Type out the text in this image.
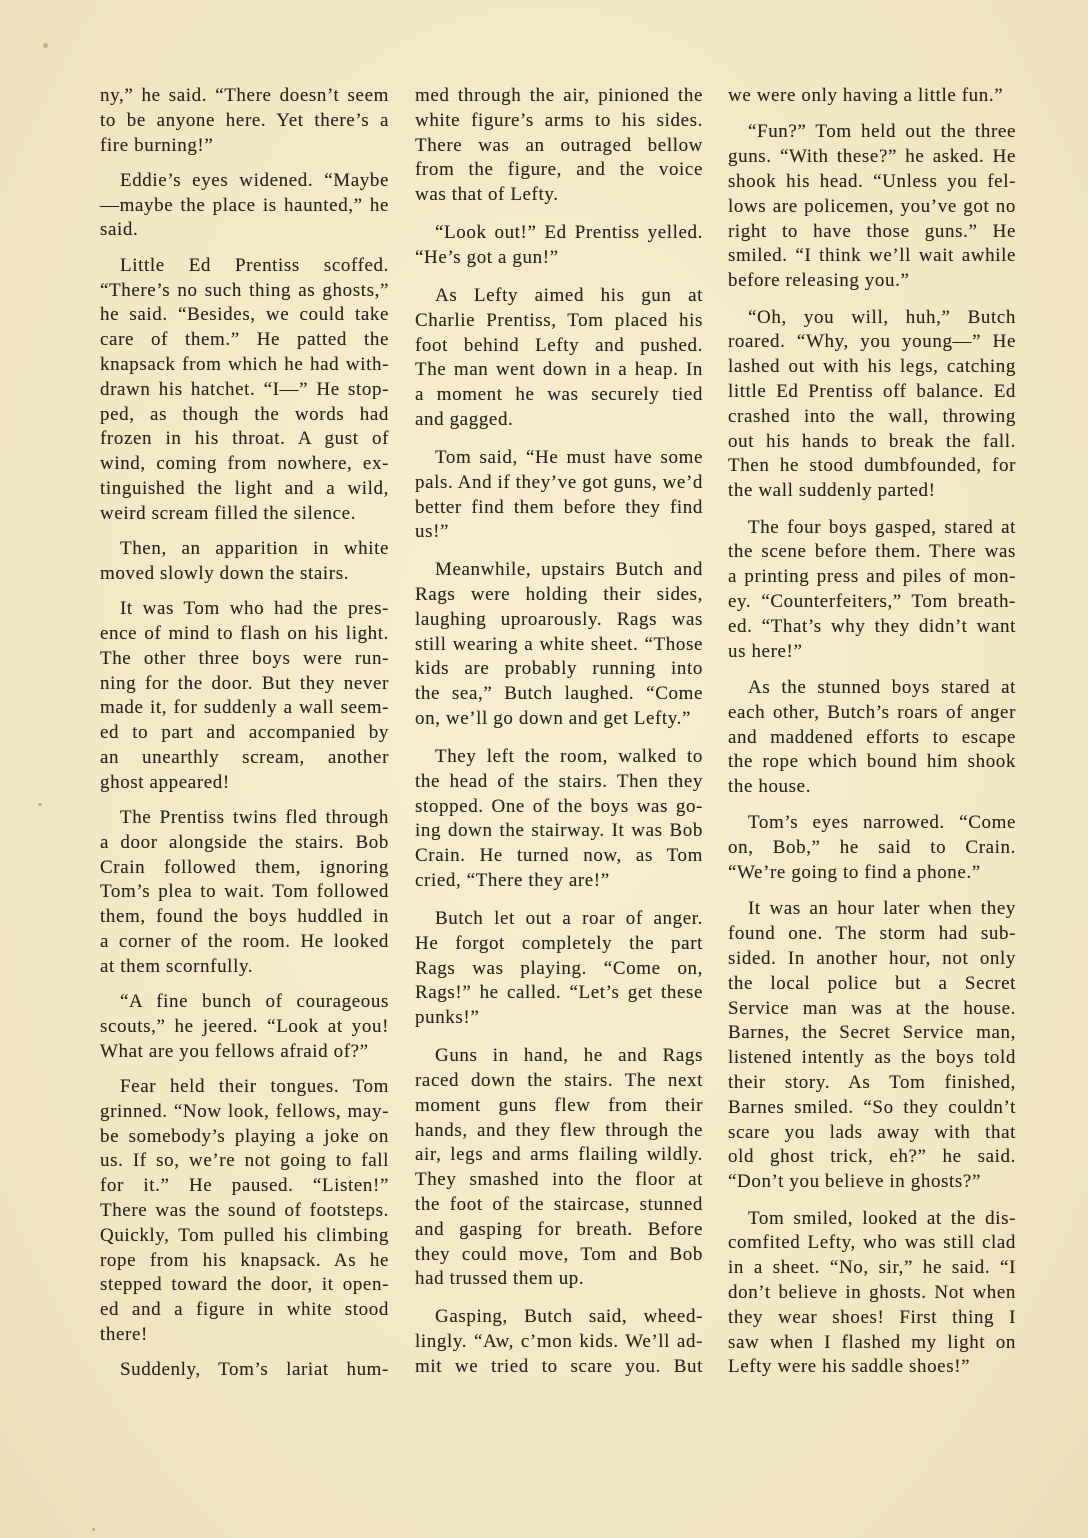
ny,” he said. “There doesn’t seem
to be anyone here. Yet there’s a
fire burning!”
Eddie’s eyes widened. “Maybe
—maybe the place is haunted,” he
said.
Little Ed Prentiss scoffed.
“There’s no such thing as ghosts,”
he said. “Besides, we could take
care of them.” He patted the
knapsack from which he had with-
drawn his hatchet. “I—” He stop-
ped, as though the words had
frozen in his throat. A gust of
wind, coming from nowhere, ex-
tinguished the light and a wild,
weird scream filled the silence.
Then, an apparition in white
moved slowly down the stairs.
It was Tom who had the pres-
ence of mind to flash on his light.
The other three boys were run-
ning for the door. But they never
made it, for suddenly a wall seem-
ed to part and accompanied by
an unearthly scream, another
ghost appeared!
The Prentiss twins fled through
a door alongside the stairs. Bob
Crain followed them, ignoring
Tom’s plea to wait. Tom followed
them, found the boys huddled in
a corner of the room. He looked
at them scornfully.
“A fine bunch of courageous
scouts,” he jeered. “Look at you!
What are you fellows afraid of?”
Fear held their tongues. Tom
grinned. “Now look, fellows, may-
be somebody’s playing a joke on
us. If so, we’re not going to fall
for it.” He paused. “Listen!”
There was the sound of footsteps.
Quickly, Tom pulled his climbing
rope from his knapsack. As he
stepped toward the door, it open-
ed and a figure in white stood
there!
Suddenly, Tom’s lariat hum-
med through the air, pinioned the
white figure’s arms to his sides.
There was an outraged bellow
from the figure, and the voice
was that of Lefty.
“Look out!” Ed Prentiss yelled.
“He’s got a gun!”
As Lefty aimed his gun at
Charlie Prentiss, Tom placed his
foot behind Lefty and pushed.
The man went down in a heap. In
a moment he was securely tied
and gagged.
Tom said, “He must have some
pals. And if they’ve got guns, we’d
better find them before they find
us!”
Meanwhile, upstairs Butch and
Rags were holding their sides,
laughing uproarously. Rags was
still wearing a white sheet. “Those
kids are probably running into
the sea,” Butch laughed. “Come
on, we’ll go down and get Lefty.”
They left the room, walked to
the head of the stairs. Then they
stopped. One of the boys was go-
ing down the stairway. It was Bob
Crain. He turned now, as Tom
cried, “There they are!”
Butch let out a roar of anger.
He forgot completely the part
Rags was playing. “Come on,
Rags!” he called. “Let’s get these
punks!”
Guns in hand, he and Rags
raced down the stairs. The next
moment guns flew from their
hands, and they flew through the
air, legs and arms flailing wildly.
They smashed into the floor at
the foot of the staircase, stunned
and gasping for breath. Before
they could move, Tom and Bob
had trussed them up.
Gasping, Butch said, wheed-
lingly. “Aw, c’mon kids. We’ll ad-
mit we tried to scare you. But
we were only having a little fun.”
“Fun?” Tom held out the three
guns. “With these?” he asked. He
shook his head. “Unless you fel-
lows are policemen, you’ve got no
right to have those guns.” He
smiled. “I think we’ll wait awhile
before releasing you.”
“Oh, you will, huh,” Butch
roared. “Why, you young—” He
lashed out with his legs, catching
little Ed Prentiss off balance. Ed
crashed into the wall, throwing
out his hands to break the fall.
Then he stood dumbfounded, for
the wall suddenly parted!
The four boys gasped, stared at
the scene before them. There was
a printing press and piles of mon-
ey. “Counterfeiters,” Tom breath-
ed. “That’s why they didn’t want
us here!”
As the stunned boys stared at
each other, Butch’s roars of anger
and maddened efforts to escape
the rope which bound him shook
the house.
Tom’s eyes narrowed. “Come
on, Bob,” he said to Crain.
“We’re going to find a phone.”
It was an hour later when they
found one. The storm had sub-
sided. In another hour, not only
the local police but a Secret
Service man was at the house.
Barnes, the Secret Service man,
listened intently as the boys told
their story. As Tom finished,
Barnes smiled. “So they couldn’t
scare you lads away with that
old ghost trick, eh?” he said.
“Don’t you believe in ghosts?”
Tom smiled, looked at the dis-
comfited Lefty, who was still clad
in a sheet. “No, sir,” he said. “I
don’t believe in ghosts. Not when
they wear shoes! First thing I
saw when I flashed my light on
Lefty were his saddle shoes!”
